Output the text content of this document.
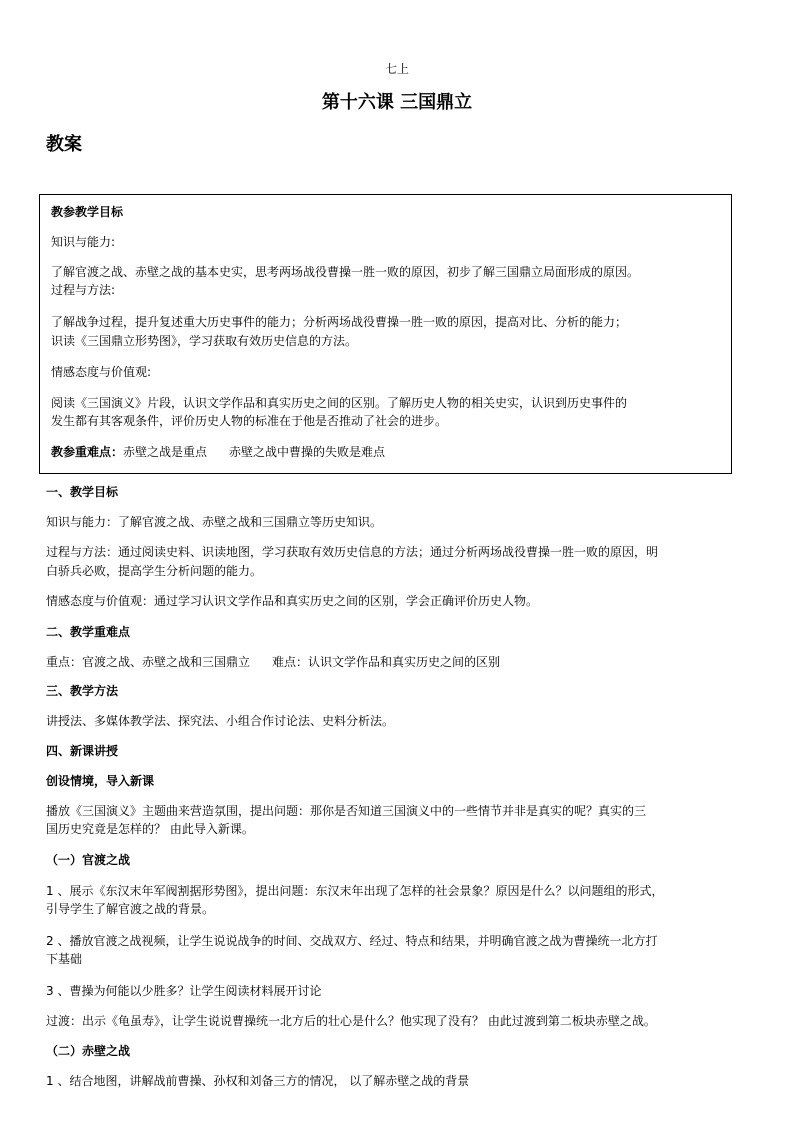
七上
第十六课 三国鼎立
教案
教参教学目标
知识与能力:
了解官渡之战、赤壁之战的基本史实，思考两场战役曹操一胜一败的原因，初步了解三国鼎立局面形成的原因。
过程与方法:
了解战争过程，提升复述重大历史事件的能力；分析两场战役曹操一胜一败的原因，提高对比、分析的能力；
识读《三国鼎立形势图》，学习获取有效历史信息的方法。
情感态度与价值观:
阅读《三国演义》片段，认识文学作品和真实历史之间的区别。了解历史人物的相关史实，认识到历史事件的
发生都有其客观条件，评价历史人物的标准在于他是否推动了社会的进步。
教参重难点：赤壁之战是重点 赤壁之战中曹操的失败是难点
一、教学目标
知识与能力：了解官渡之战、赤壁之战和三国鼎立等历史知识。
过程与方法：通过阅读史料、识读地图，学习获取有效历史信息的方法；通过分析两场战役曹操一胜一败的原因，明
白骄兵必败，提高学生分析问题的能力。
情感态度与价值观：通过学习认识文学作品和真实历史之间的区别，学会正确评价历史人物。
二、教学重难点
重点：官渡之战、赤壁之战和三国鼎立 难点：认识文学作品和真实历史之间的区别
三、教学方法
讲授法、多媒体教学法、探究法、小组合作讨论法、史料分析法。
四、新课讲授
创设情境，导入新课
播放《三国演义》主题曲来营造氛围，提出问题：那你是否知道三国演义中的一些情节并非是真实的呢？真实的三
国历史究竟是怎样的？ 由此导入新课。
（一）官渡之战
1 、展示《东汉末年军阀割据形势图》，提出问题：东汉末年出现了怎样的社会景象？原因是什么？以问题组的形式，
引导学生了解官渡之战的背景。
2 、播放官渡之战视频，让学生说说战争的时间、交战双方、经过、特点和结果，并明确官渡之战为曹操统一北方打
下基础
3 、曹操为何能以少胜多？让学生阅读材料展开讨论
过渡：出示《龟虽寿》，让学生说说曹操统一北方后的壮心是什么？他实现了没有？ 由此过渡到第二板块赤壁之战。
（二）赤壁之战
1 、结合地图，讲解战前曹操、孙权和刘备三方的情况， 以了解赤壁之战的背景
